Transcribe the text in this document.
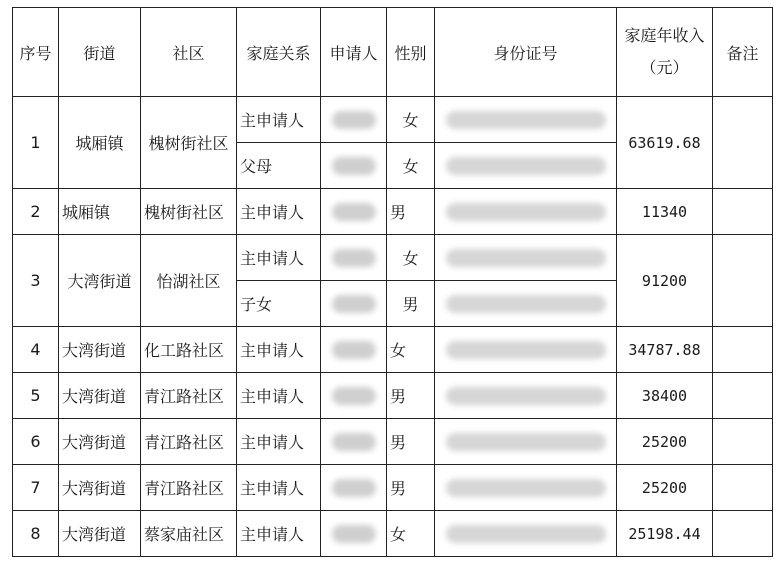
序号	街道	社区	家庭关系	申请人	性别	身份证号	家庭年收入（元）	备注
1	城厢镇	槐树街社区	主申请人		女		63619.68	
			父母		女			
2	城厢镇	槐树街社区	主申请人		男		11340	
3	大湾街道	怡湖社区	主申请人		女		91200	
			子女		男			
4	大湾街道	化工路社区	主申请人		女		34787.88	
5	大湾街道	青江路社区	主申请人		男		38400	
6	大湾街道	青江路社区	主申请人		男		25200	
7	大湾街道	青江路社区	主申请人		男		25200	
8	大湾街道	蔡家庙社区	主申请人		女		25198.44	
